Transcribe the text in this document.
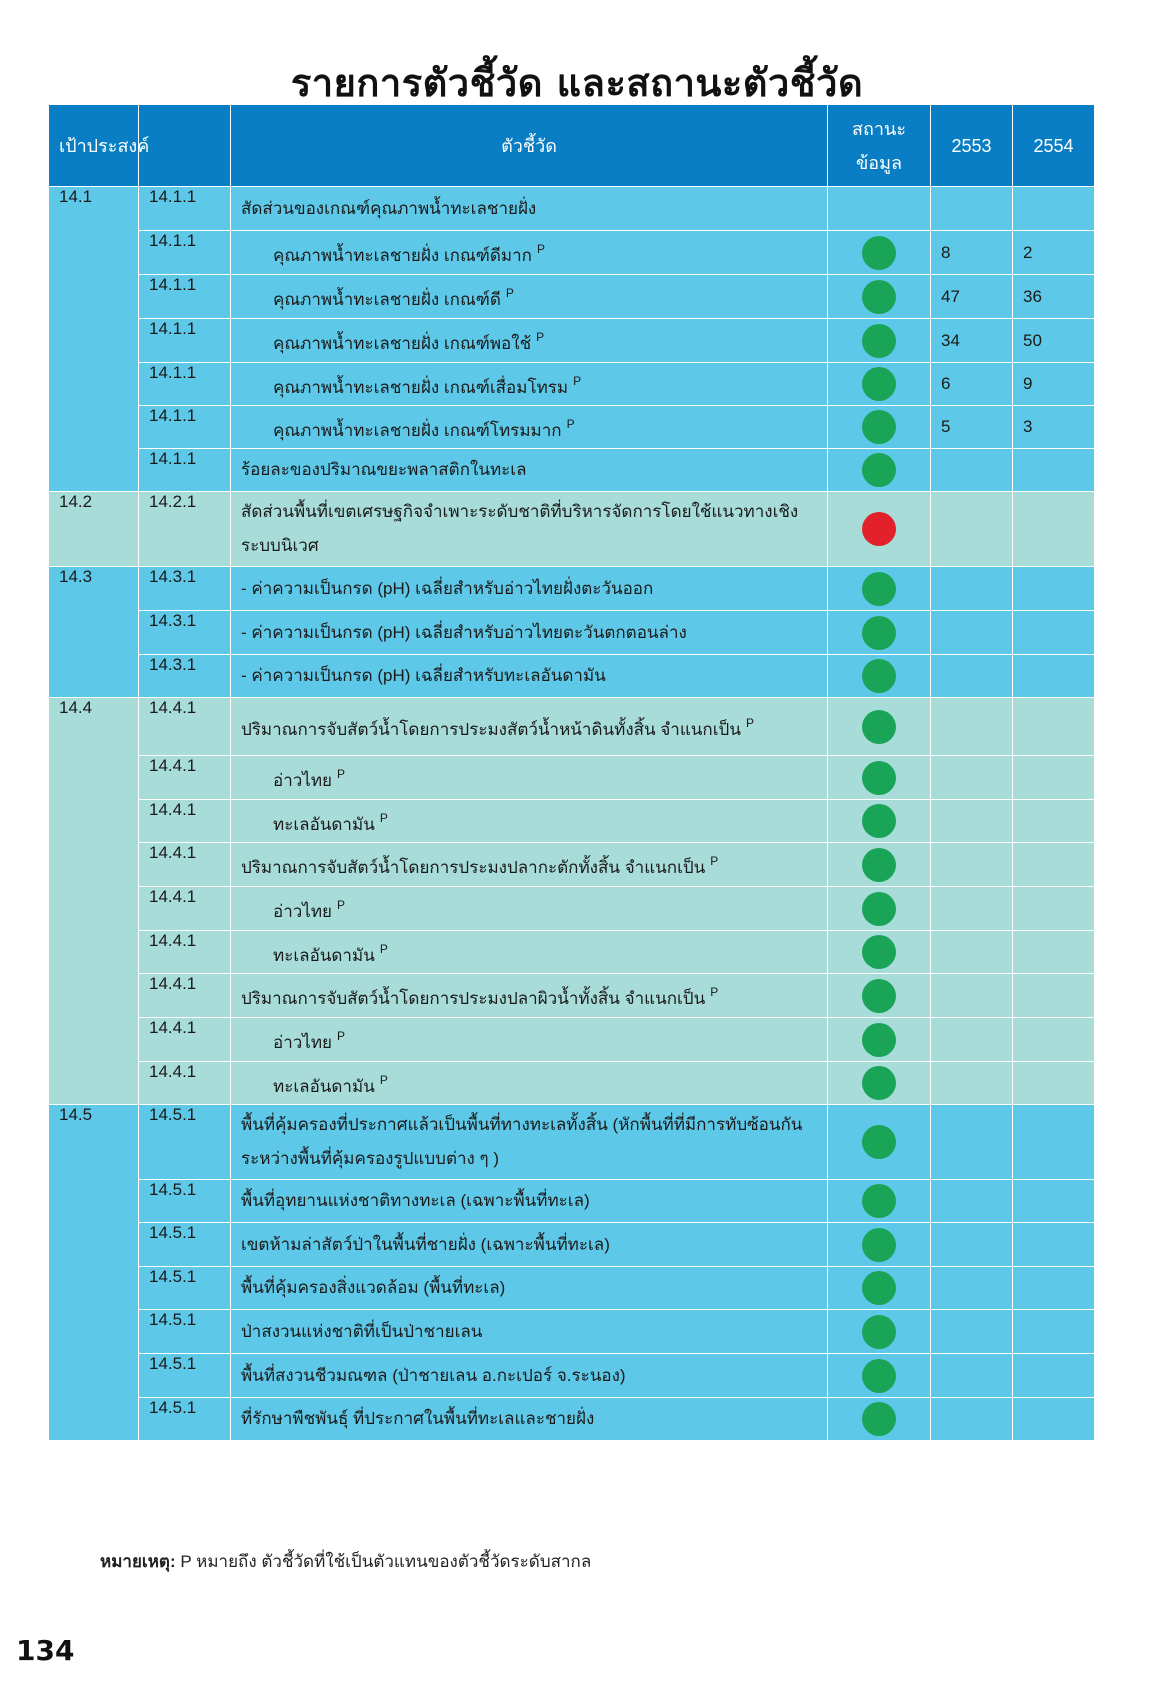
รายการตัวชี้วัด และสถานะตัวชี้วัด
เป้าประสงค์		ตัวชี้วัด	สถานะข้อมูล	2553	2554
14.1	14.1.1	สัดส่วนของเกณฑ์คุณภาพน้ำทะเลชายฝั่ง			
	14.1.1	คุณภาพน้ำทะเลชายฝั่ง เกณฑ์ดีมาก $^P$		8	2
	14.1.1	คุณภาพน้ำทะเลชายฝั่ง เกณฑ์ดี $^P$		47	36
	14.1.1	คุณภาพน้ำทะเลชายฝั่ง เกณฑ์พอใช้ $^P$		34	50
	14.1.1	คุณภาพน้ำทะเลชายฝั่ง เกณฑ์เสื่อมโทรม $^P$		6	9
	14.1.1	คุณภาพน้ำทะเลชายฝั่ง เกณฑ์โทรมมาก $^P$		5	3
	14.1.1	ร้อยละของปริมาณขยะพลาสติกในทะเล			
14.2	14.2.1	สัดส่วนพื้นที่เขตเศรษฐกิจจำเพาะระดับชาติที่บริหารจัดการโดยใช้แนวทางเชิงระบบนิเวศ			
14.3	14.3.1	- ค่าความเป็นกรด (pH) เฉลี่ยสำหรับอ่าวไทยฝั่งตะวันออก			
	14.3.1	- ค่าความเป็นกรด (pH) เฉลี่ยสำหรับอ่าวไทยตะวันตกตอนล่าง			
	14.3.1	- ค่าความเป็นกรด (pH) เฉลี่ยสำหรับทะเลอันดามัน			
14.4	14.4.1	ปริมาณการจับสัตว์น้ำโดยการประมงสัตว์น้ำหน้าดินทั้งสิ้น จำแนกเป็น $^P$			
	14.4.1	อ่าวไทย $^P$			
	14.4.1	ทะเลอันดามัน $^P$			
	14.4.1	ปริมาณการจับสัตว์น้ำโดยการประมงปลากะตักทั้งสิ้น จำแนกเป็น $^P$			
	14.4.1	อ่าวไทย $^P$			
	14.4.1	ทะเลอันดามัน $^P$			
	14.4.1	ปริมาณการจับสัตว์น้ำโดยการประมงปลาผิวน้ำทั้งสิ้น จำแนกเป็น $^P$			
	14.4.1	อ่าวไทย $^P$			
	14.4.1	ทะเลอันดามัน $^P$			
14.5	14.5.1	พื้นที่คุ้มครองที่ประกาศแล้วเป็นพื้นที่ทางทะเลทั้งสิ้น (หักพื้นที่ที่มีการทับซ้อนกันระหว่างพื้นที่คุ้มครองรูปแบบต่าง ๆ )			
	14.5.1	พื้นที่อุทยานแห่งชาติทางทะเล (เฉพาะพื้นที่ทะเล)			
	14.5.1	เขตห้ามล่าสัตว์ป่าในพื้นที่ชายฝั่ง (เฉพาะพื้นที่ทะเล)			
	14.5.1	พื้นที่คุ้มครองสิ่งแวดล้อม (พื้นที่ทะเล)			
	14.5.1	ป่าสงวนแห่งชาติที่เป็นป่าชายเลน			
	14.5.1	พื้นที่สงวนชีวมณฑล (ป่าชายเลน อ.กะเปอร์ จ.ระนอง)			
	14.5.1	ที่รักษาพืชพันธุ์ ที่ประกาศในพื้นที่ทะเลและชายฝั่ง			
หมายเหตุ: P หมายถึง ตัวชี้วัดที่ใช้เป็นตัวแทนของตัวชี้วัดระดับสากล
134
